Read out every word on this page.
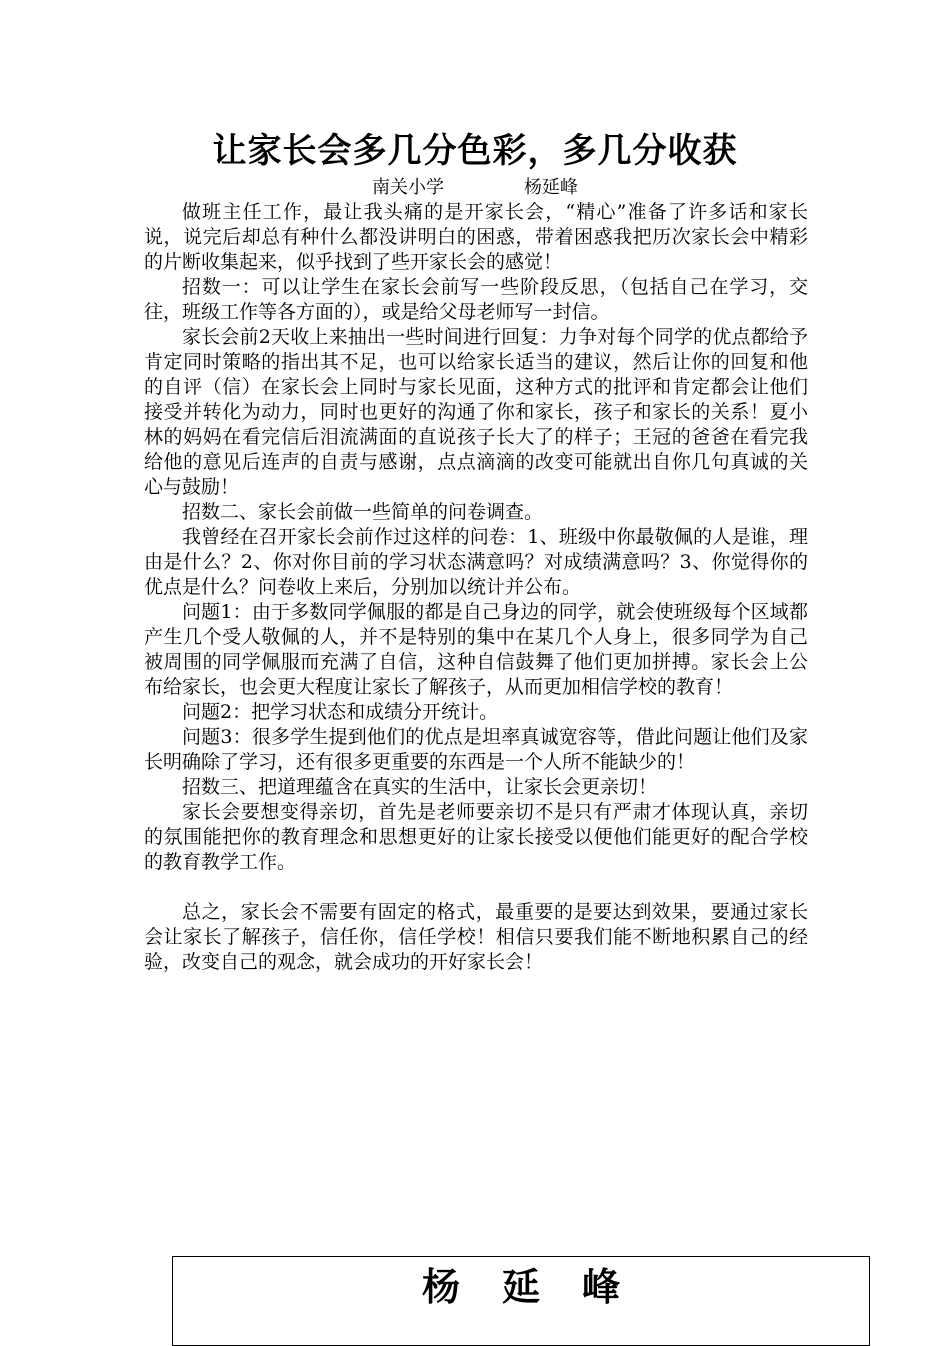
让家长会多几分色彩，多几分收获
南关小学	杨延峰

做班主任工作，最让我头痛的是开家长会，“精心”准备了许多话和家长说，说完后却总有种什么都没讲明白的困惑，带着困惑我把历次家长会中精彩的片断收集起来，似乎找到了些开家长会的感觉！

招数一：可以让学生在家长会前写一些阶段反思，（包括自己在学习，交往，班级工作等各方面的），或是给父母老师写一封信。

家长会前2天收上来抽出一些时间进行回复：力争对每个同学的优点都给予肯定同时策略的指出其不足，也可以给家长适当的建议，然后让你的回复和他的自评（信）在家长会上同时与家长见面，这种方式的批评和肯定都会让他们接受并转化为动力，同时也更好的沟通了你和家长，孩子和家长的关系！夏小林的妈妈在看完信后泪流满面的直说孩子长大了的样子；王冠的爸爸在看完我给他的意见后连声的自责与感谢，点点滴滴的改变可能就出自你几句真诚的关心与鼓励！

招数二、家长会前做一些简单的问卷调查。

我曾经在召开家长会前作过这样的问卷：1、班级中你最敬佩的人是谁，理由是什么？2、你对你目前的学习状态满意吗？对成绩满意吗？3、你觉得你的优点是什么？问卷收上来后，分别加以统计并公布。

问题1：由于多数同学佩服的都是自己身边的同学，就会使班级每个区域都产生几个受人敬佩的人，并不是特别的集中在某几个人身上，很多同学为自己被周围的同学佩服而充满了自信，这种自信鼓舞了他们更加拼搏。家长会上公布给家长，也会更大程度让家长了解孩子，从而更加相信学校的教育！

问题2：把学习状态和成绩分开统计。

问题3：很多学生提到他们的优点是坦率真诚宽容等，借此问题让他们及家长明确除了学习，还有很多更重要的东西是一个人所不能缺少的！

招数三、把道理蕴含在真实的生活中，让家长会更亲切！

家长会要想变得亲切，首先是老师要亲切不是只有严肃才体现认真，亲切的氛围能把你的教育理念和思想更好的让家长接受以便他们能更好的配合学校的教育教学工作。

总之，家长会不需要有固定的格式，最重要的是要达到效果，要通过家长会让家长了解孩子，信任你，信任学校！相信只要我们能不断地积累自己的经验，改变自己的观念，就会成功的开好家长会！

杨延峰
